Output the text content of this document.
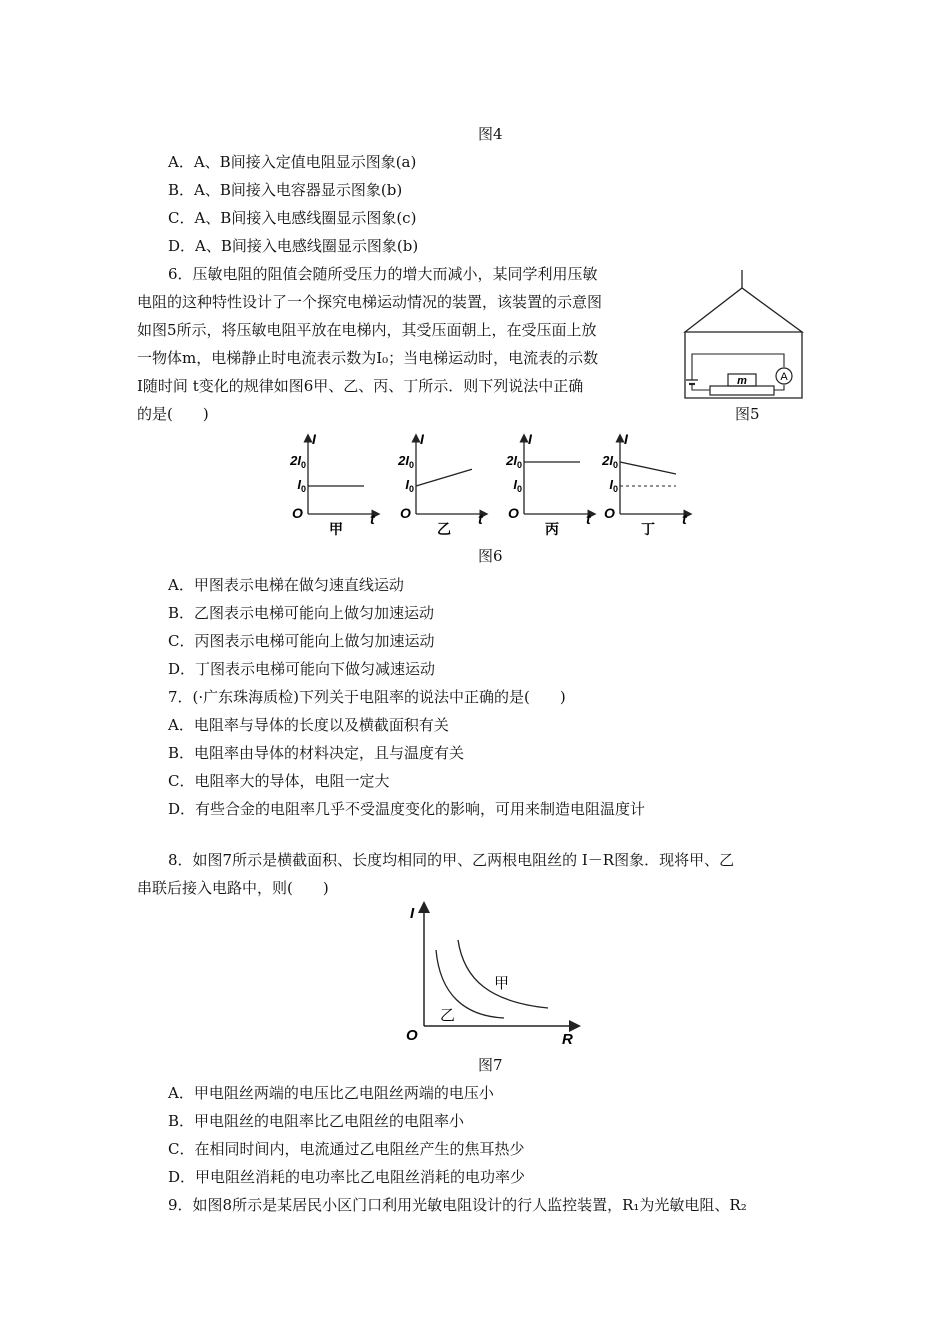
图4
A．A、B间接入定值电阻显示图象(a)
B．A、B间接入电容器显示图象(b)
C．A、B间接入电感线圈显示图象(c)
D．A、B间接入电感线圈显示图象(b)
6．压敏电阻的阻值会随所受压力的增大而减小，某同学利用压敏
电阻的这种特性设计了一个探究电梯运动情况的装置，该装置的示意图
如图5所示，将压敏电阻平放在电梯内，其受压面朝上，在受压面上放
一物体m，电梯静止时电流表示数为I₀；当电梯运动时，电流表的示数
I随时间 t变化的规律如图6甲、乙、丙、丁所示．则下列说法中正确
的是(　　)
m	A
图5
I
t
O
$2I_0$
$I_0$
甲
I
t
O
$2I_0$
$I_0$
乙
I
t
O
$2I_0$
$I_0$
丙
I
t
O
$2I_0$
$I_0$
丁
图6
A．甲图表示电梯在做匀速直线运动
B．乙图表示电梯可能向上做匀加速运动
C．丙图表示电梯可能向上做匀加速运动
D．丁图表示电梯可能向下做匀减速运动
7．(·广东珠海质检)下列关于电阻率的说法中正确的是(　　)
A．电阻率与导体的长度以及横截面积有关
B．电阻率由导体的材料决定，且与温度有关
C．电阻率大的导体，电阻一定大
D．有些合金的电阻率几乎不受温度变化的影响，可用来制造电阻温度计
8．如图7所示是横截面积、长度均相同的甲、乙两根电阻丝的 I－R图象．现将甲、乙
串联后接入电路中，则(　　)
I
R
O
甲
乙
图7
A．甲电阻丝两端的电压比乙电阻丝两端的电压小
B．甲电阻丝的电阻率比乙电阻丝的电阻率小
C．在相同时间内，电流通过乙电阻丝产生的焦耳热少
D．甲电阻丝消耗的电功率比乙电阻丝消耗的电功率少
9．如图8所示是某居民小区门口利用光敏电阻设计的行人监控装置，R₁为光敏电阻、R₂
